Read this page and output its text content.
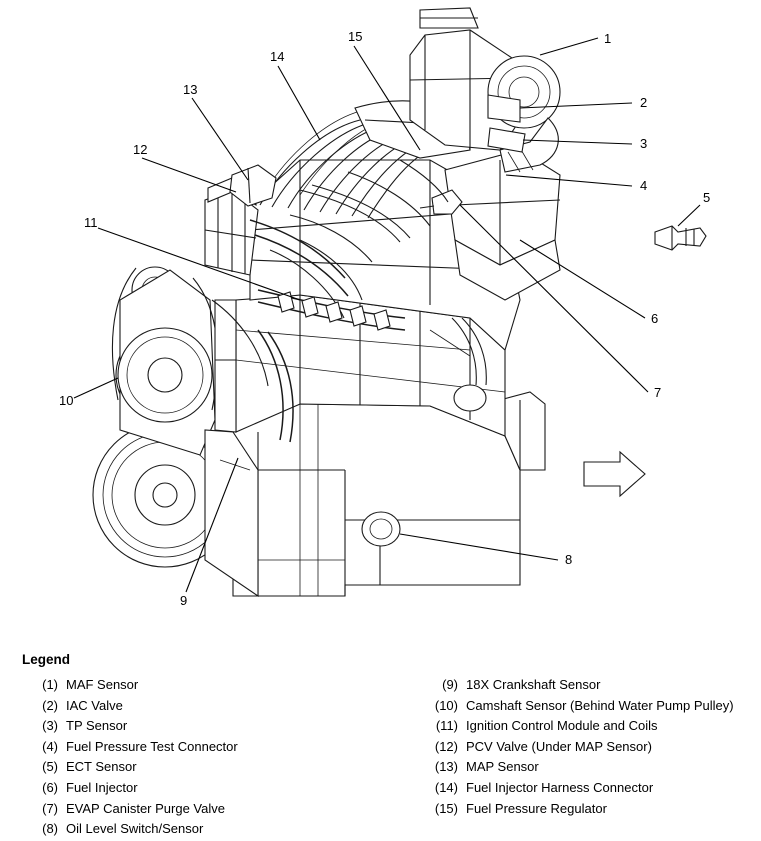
1
2
3
4
5
6
7
8
9
10
11
12
13
14
15
Legend
(1) MAF Sensor
(2) IAC Valve
(3) TP Sensor
(4) Fuel Pressure Test Connector
(5) ECT Sensor
(6) Fuel Injector
(7) EVAP Canister Purge Valve
(8) Oil Level Switch/Sensor
(9) 18X Crankshaft Sensor
(10) Camshaft Sensor (Behind Water Pump Pulley)
(11) Ignition Control Module and Coils
(12) PCV Valve (Under MAP Sensor)
(13) MAP Sensor
(14) Fuel Injector Harness Connector
(15) Fuel Pressure Regulator
